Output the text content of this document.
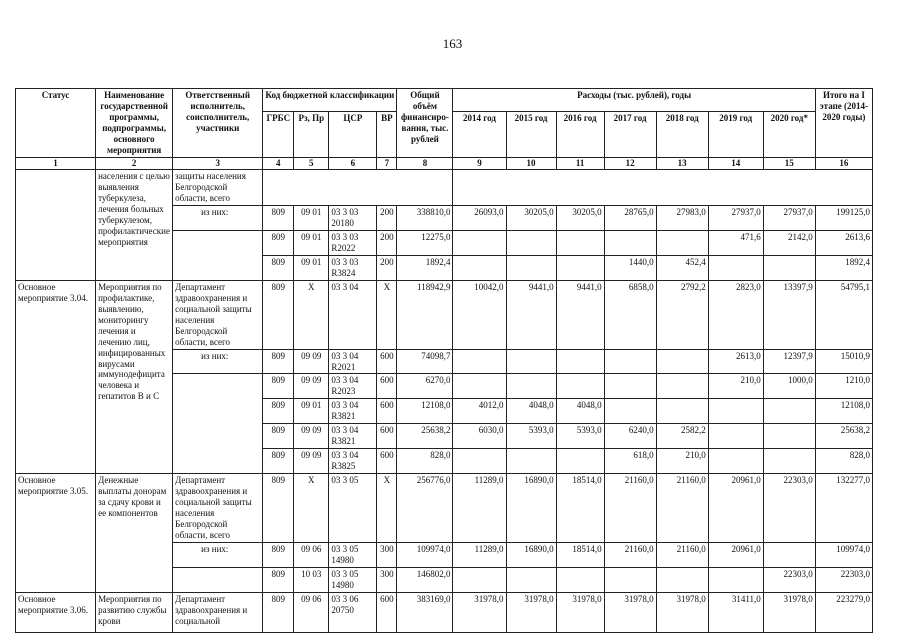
163
Статус	Наименование государственной программы, подпрограммы, основного мероприятия	Ответственный исполнитель, соисполнитель, участники	Код бюджетной классификации				Общий объём финансиро-вания, тыс. рублей	Расходы (тыс. рублей), годы							Итого на I этапе (2014-2020 годы)
			ГРБС	Рз, Пр	ЦСР	ВР		2014 год	2015 год	2016 год	2017 год	2018 год	2019 год	2020 год*	
1	2	3	4	5	6	7	8	9	10	11	12	13	14	15	16
	населения с целью выявления туберкулеза, лечения больных туберкулезом, профилактические мероприятия	защиты населения Белгородской области, всего													
		из них:	809	09 01	03 3 03 20180	200	338810,0	26093,0	30205,0	30205,0	28765,0	27983,0	27937,0	27937,0	199125,0
			809	09 01	03 3 03 R2022	200	12275,0						471,6	2142,0	2613,6
			809	09 01	03 3 03 R3824	200	1892,4				1440,0	452,4			1892,4
Основное мероприятие 3.04.	Мероприятия по профилактике, выявлению, мониторингу лечения и лечению лиц, инфицированных вирусами иммунодефицита человека и гепатитов В и С	Департамент здравоохранения и социальной защиты населения Белгородской области, всего	809	X	03 3 04	X	118942,9	10042,0	9441,0	9441,0	6858,0	2792,2	2823,0	13397,9	54795,1
		из них:	809	09 09	03 3 04 R2021	600	74098,7						2613,0	12397,9	15010,9
			809	09 09	03 3 04 R2023	600	6270,0						210,0	1000,0	1210,0
			809	09 01	03 3 04 R3821	600	12108,0	4012,0	4048,0	4048,0					12108,0
			809	09 09	03 3 04 R3821	600	25638,2	6030,0	5393,0	5393,0	6240,0	2582,2			25638,2
			809	09 09	03 3 04 R3825	600	828,0				618,0	210,0			828,0
Основное мероприятие 3.05.	Денежные выплаты донорам за сдачу крови и ее компонентов	Департамент здравоохранения и социальной защиты населения Белгородской области, всего	809	X	03 3 05	X	256776,0	11289,0	16890,0	18514,0	21160,0	21160,0	20961,0	22303,0	132277,0
		из них:	809	09 06	03 3 05 14980	300	109974,0	11289,0	16890,0	18514,0	21160,0	21160,0	20961,0		109974,0
			809	10 03	03 3 05 14980	300	146802,0							22303,0	22303,0
Основное мероприятие 3.06.	Мероприятия по развитию службы крови	Департамент здравоохранения и социальной	809	09 06	03 3 06 20750	600	383169,0	31978,0	31978,0	31978,0	31978,0	31978,0	31411,0	31978,0	223279,0
